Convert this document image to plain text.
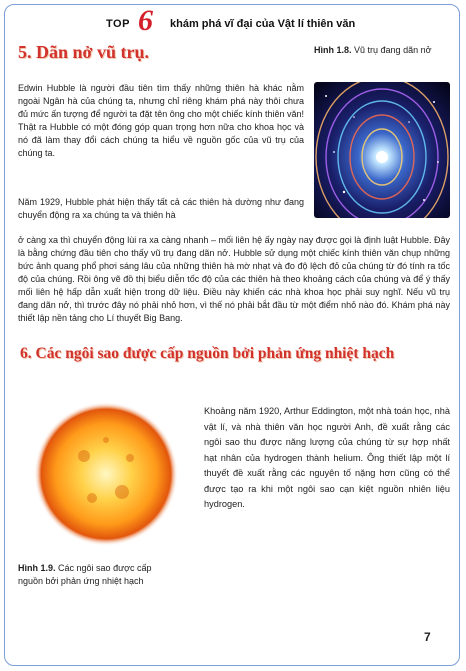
TOP 6 khám phá vĩ đại của Vật lí thiên văn
5. Dãn nở vũ trụ.	Hình 1.8. Vũ trụ đang dãn nở

Edwin Hubble là người đầu tiên tìm thấy những thiên hà khác nằm ngoài Ngân hà của chúng ta, nhưng chỉ riêng khám phá này thôi chưa đủ mức ấn tượng để người ta đặt tên ông cho một chiếc kính thiên văn! Thật ra Hubble có một đóng góp quan trọng hơn nữa cho khoa học và nó đã làm thay đổi cách chúng ta hiểu về nguồn gốc của vũ trụ của chúng ta.

Năm 1929, Hubble phát hiện thấy tất cả các thiên hà dường như đang chuyển động ra xa chúng ta và thiên hà

ở càng xa thì chuyển động lùi ra xa càng nhanh – mối liên hệ ấy ngày nay được gọi là định luật Hubble. Đây là bằng chứng đầu tiên cho thấy vũ trụ đang dãn nở. Hubble sử dụng một chiếc kính thiên văn chụp những bức ảnh quang phổ phơi sáng lâu của những thiên hà mờ nhạt và đo độ lệch đỏ của chúng từ đó tính ra tốc độ của chúng. Rồi ông vẽ đồ thị biểu diễn tốc độ của các thiên hà theo khoảng cách của chúng và để ý thấy mối liên hệ hấp dẫn xuất hiện trong dữ liệu. Điều này khiến các nhà khoa học phải suy nghĩ. Nếu vũ trụ đang dãn nở, thì trước đây nó phải nhỏ hơn, vì thế nó phải bắt đầu từ một điểm nhỏ nào đó. Khám phá này thiết lập nền tảng cho Lí thuyết Big Bang.

6. Các ngôi sao được cấp nguồn bởi phản ứng nhiệt hạch

Khoảng năm 1920, Arthur Eddington, một nhà toán học, nhà vật lí, và nhà thiên văn học người Anh, đề xuất rằng các ngôi sao thu được năng lượng của chúng từ sự hợp nhất hạt nhân của hydrogen thành helium. Ông thiết lập một lí thuyết đề xuất rằng các nguyên tố nặng hơn cũng có thể được tạo ra khi một ngôi sao cạn kiệt nguồn nhiên liệu hydrogen.

Hình 1.9. Các ngôi sao được cấp nguồn bởi phản ứng nhiệt hạch
7
